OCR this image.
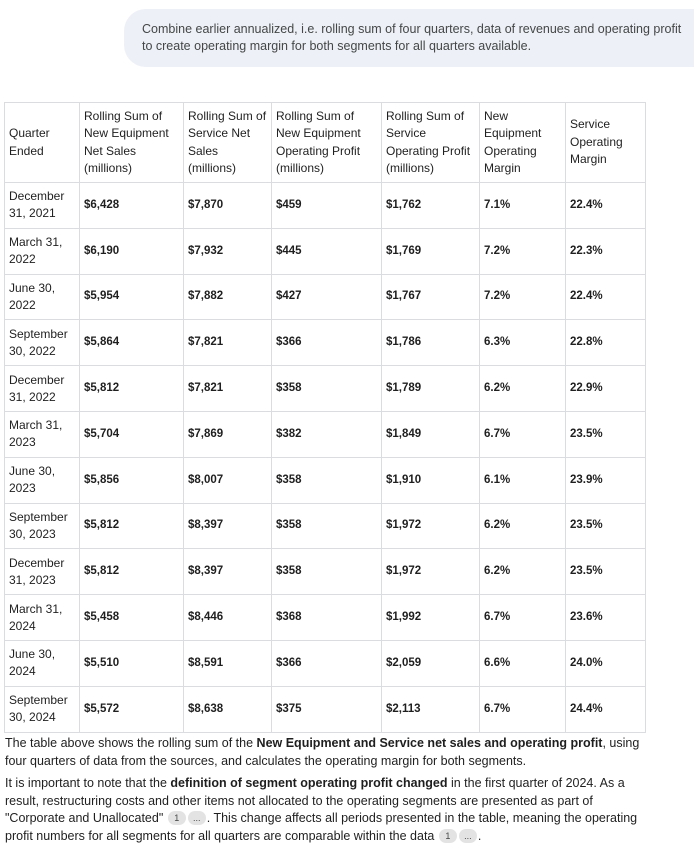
Combine earlier annualized, i.e. rolling sum of four quarters, data of revenues and operating profit to create operating margin for both segments for all quarters available.
Quarter Ended	Rolling Sum of New Equipment Net Sales (millions)	Rolling Sum of Service Net Sales (millions)	Rolling Sum of New Equipment Operating Profit (millions)	Rolling Sum of Service Operating Profit (millions)	New Equipment Operating Margin	Service Operating Margin
December 31, 2021	$6,428	$7,870	$459	$1,762	7.1%	22.4%
March 31, 2022	$6,190	$7,932	$445	$1,769	7.2%	22.3%
June 30, 2022	$5,954	$7,882	$427	$1,767	7.2%	22.4%
September 30, 2022	$5,864	$7,821	$366	$1,786	6.3%	22.8%
December 31, 2022	$5,812	$7,821	$358	$1,789	6.2%	22.9%
March 31, 2023	$5,704	$7,869	$382	$1,849	6.7%	23.5%
June 30, 2023	$5,856	$8,007	$358	$1,910	6.1%	23.9%
September 30, 2023	$5,812	$8,397	$358	$1,972	6.2%	23.5%
December 31, 2023	$5,812	$8,397	$358	$1,972	6.2%	23.5%
March 31, 2024	$5,458	$8,446	$368	$1,992	6.7%	23.6%
June 30, 2024	$5,510	$8,591	$366	$2,059	6.6%	24.0%
September 30, 2024	$5,572	$8,638	$375	$2,113	6.7%	24.4%

The table above shows the rolling sum of the New Equipment and Service net sales and operating profit, using four quarters of data from the sources, and calculates the operating margin for both segments.

It is important to note that the definition of segment operating profit changed in the first quarter of 2024. As a result, restructuring costs and other items not allocated to the operating segments are presented as part of "Corporate and Unallocated" 1 ... . This change affects all periods presented in the table, meaning the operating profit numbers for all segments for all quarters are comparable within the data 1 ... .
